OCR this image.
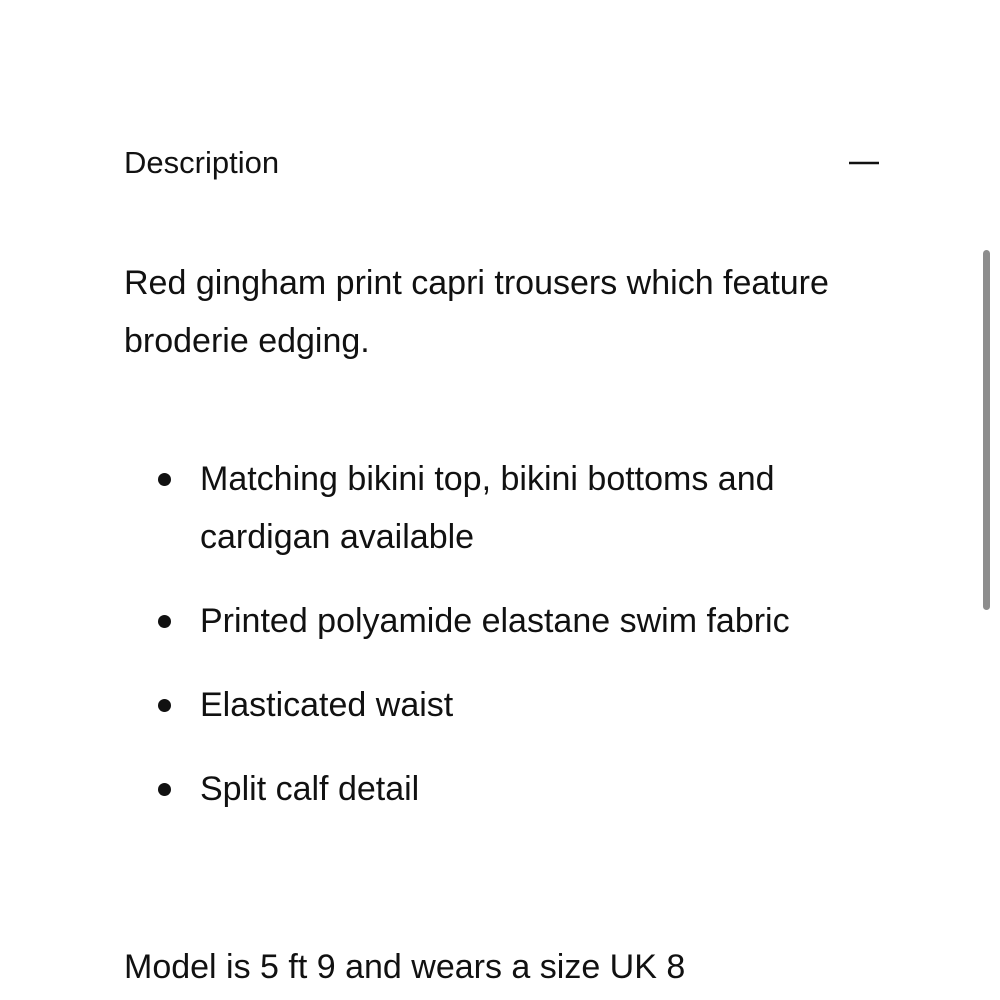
Description

Red gingham print capri trousers which feature broderie edging.

Matching bikini top, bikini bottoms and cardigan available
Printed polyamide elastane swim fabric
Elasticated waist
Split calf detail

Model is 5 ft 9 and wears a size UK 8
